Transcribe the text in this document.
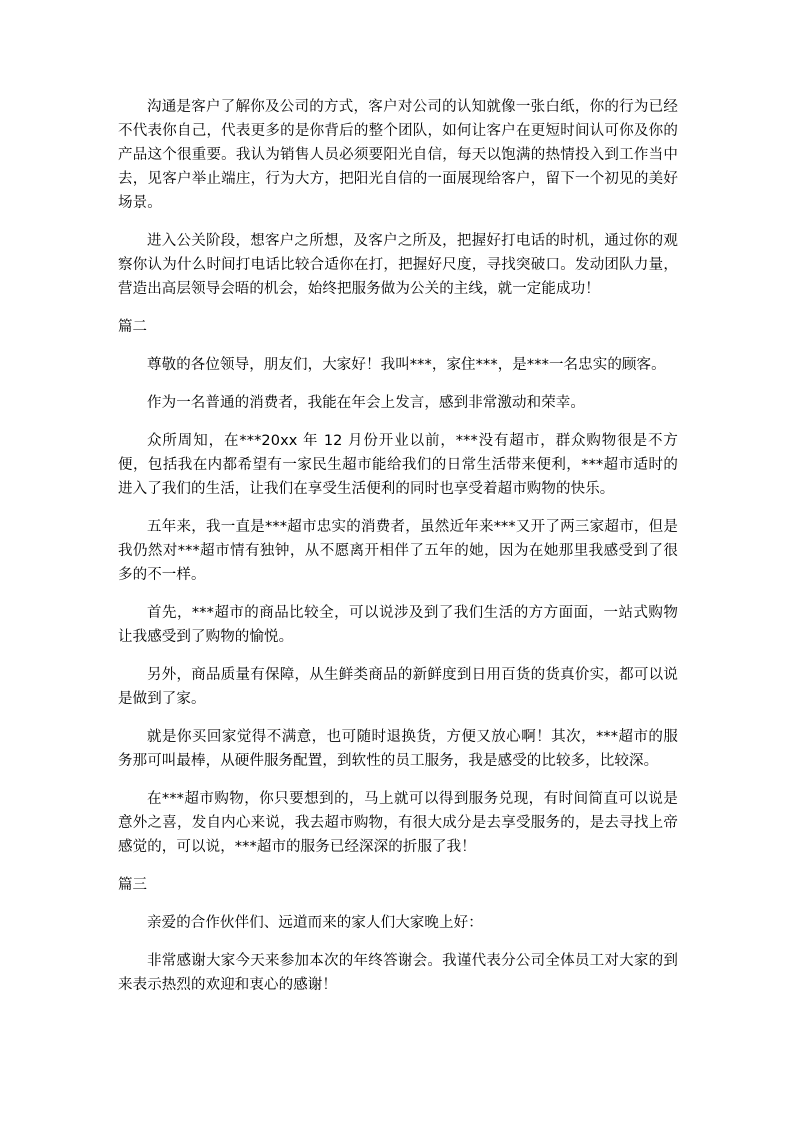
沟通是客户了解你及公司的方式，客户对公司的认知就像一张白纸，你的行为已经不代表你自己，代表更多的是你背后的整个团队，如何让客户在更短时间认可你及你的产品这个很重要。我认为销售人员必须要阳光自信，每天以饱满的热情投入到工作当中去，见客户举止端庄，行为大方，把阳光自信的一面展现给客户，留下一个初见的美好场景。

进入公关阶段，想客户之所想，及客户之所及，把握好打电话的时机，通过你的观察你认为什么时间打电话比较合适你在打，把握好尺度，寻找突破口。发动团队力量，营造出高层领导会晤的机会，始终把服务做为公关的主线，就一定能成功！

篇二

尊敬的各位领导，朋友们，大家好！我叫***，家住***，是***一名忠实的顾客。

作为一名普通的消费者，我能在年会上发言，感到非常激动和荣幸。

众所周知，在***20xx 年 12 月份开业以前，***没有超市，群众购物很是不方便，包括我在内都希望有一家民生超市能给我们的日常生活带来便利，***超市适时的进入了我们的生活，让我们在享受生活便利的同时也享受着超市购物的快乐。

五年来，我一直是***超市忠实的消费者，虽然近年来***又开了两三家超市，但是我仍然对***超市情有独钟，从不愿离开相伴了五年的她，因为在她那里我感受到了很多的不一样。

首先，***超市的商品比较全，可以说涉及到了我们生活的方方面面，一站式购物让我感受到了购物的愉悦。

另外，商品质量有保障，从生鲜类商品的新鲜度到日用百货的货真价实，都可以说是做到了家。

就是你买回家觉得不满意，也可随时退换货，方便又放心啊！其次，***超市的服务那可叫最棒，从硬件服务配置，到软性的员工服务，我是感受的比较多，比较深。

在***超市购物，你只要想到的，马上就可以得到服务兑现，有时间简直可以说是意外之喜，发自内心来说，我去超市购物，有很大成分是去享受服务的，是去寻找上帝感觉的，可以说，***超市的服务已经深深的折服了我！

篇三

亲爱的合作伙伴们、远道而来的家人们大家晚上好：

非常感谢大家今天来参加本次的年终答谢会。我谨代表分公司全体员工对大家的到来表示热烈的欢迎和衷心的感谢！
